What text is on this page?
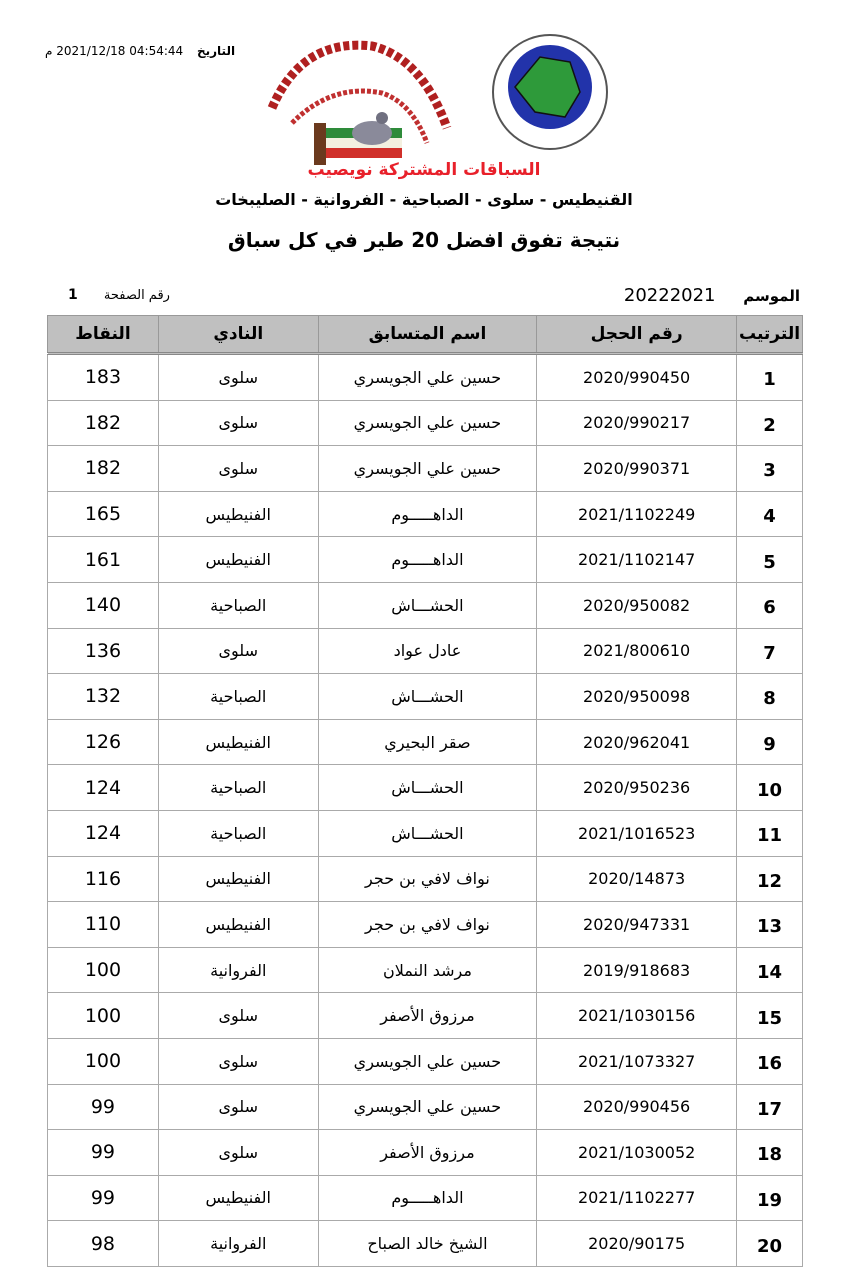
التاريخ 04:54:44 2021/12/18 م
السباقات المشتركة نويصيب
القنيطيس - سلوى - الصباحية - الفروانية - الصليبخات
نتيجة تفوق افضل 20 طير في كل سباق
الموسم 20222021
رقم الصفحة 1
الترتيب	رقم الحجل	اسم المتسابق	النادي	النقاط
1	2020/990450	حسين علي الجويسري	سلوى	183
2	2020/990217	حسين علي الجويسري	سلوى	182
3	2020/990371	حسين علي الجويسري	سلوى	182
4	2021/1102249	الداهـــــوم	الفنيطيس	165
5	2021/1102147	الداهـــــوم	الفنيطيس	161
6	2020/950082	الحشـــاش	الصباحية	140
7	2021/800610	عادل عواد	سلوى	136
8	2020/950098	الحشـــاش	الصباحية	132
9	2020/962041	صقر البحيري	الفنيطيس	126
10	2020/950236	الحشـــاش	الصباحية	124
11	2021/1016523	الحشـــاش	الصباحية	124
12	2020/14873	نواف لافي بن حجر	الفنيطيس	116
13	2020/947331	نواف لافي بن حجر	الفنيطيس	110
14	2019/918683	مرشد النملان	الفروانية	100
15	2021/1030156	مرزوق الأصفر	سلوى	100
16	2021/1073327	حسين علي الجويسري	سلوى	100
17	2020/990456	حسين علي الجويسري	سلوى	99
18	2021/1030052	مرزوق الأصفر	سلوى	99
19	2021/1102277	الداهـــــوم	الفنيطيس	99
20	2020/90175	الشيخ خالد الصباح	الفروانية	98
